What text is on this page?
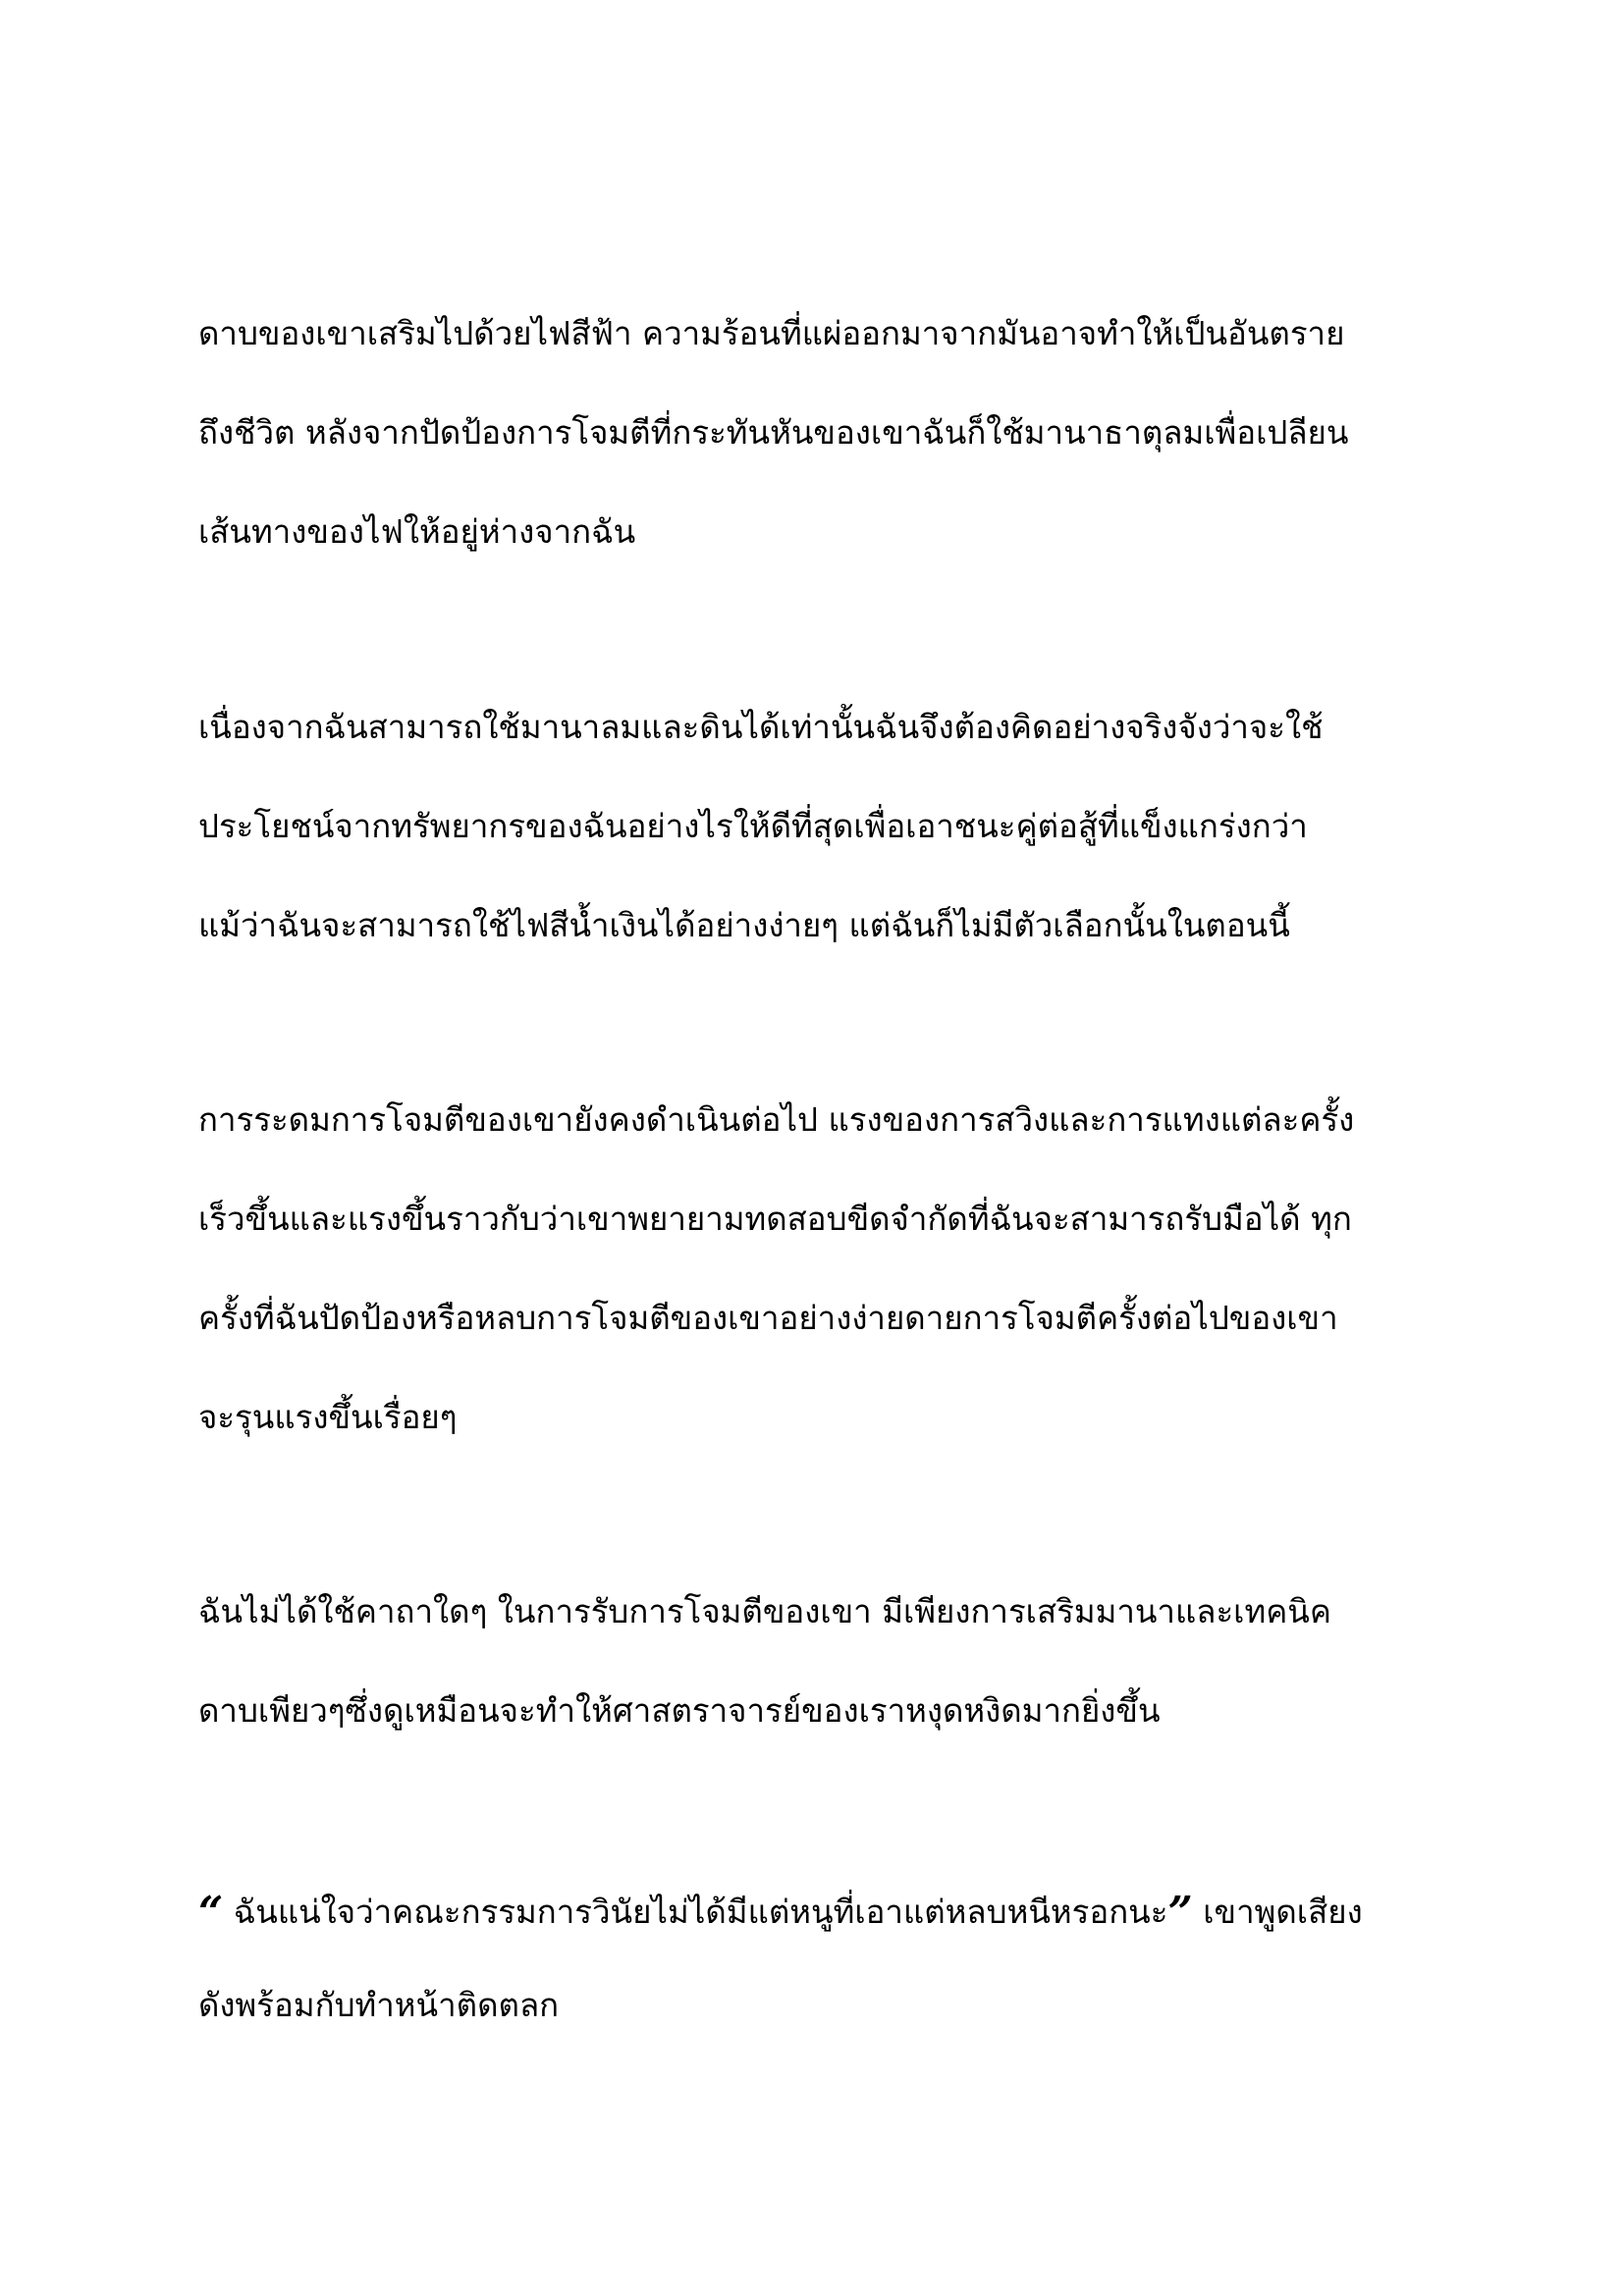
ดาบของเขาเสริมไปด้วยไฟสีฟ้า ความร้อนที่แผ่ออกมาจากมันอาจทำให้เป็นอันตราย
ถึงชีวิต หลังจากปัดป้องการโจมตีที่กระทันหันของเขาฉันก็ใช้มานาธาตุลมเพื่อเปลียน
เส้นทางของไฟให้อยู่ห่างจากฉัน
เนื่องจากฉันสามารถใช้มานาลมและดินได้เท่านั้นฉันจึงต้องคิดอย่างจริงจังว่าจะใช้
ประโยชน์จากทรัพยากรของฉันอย่างไรให้ดีที่สุดเพื่อเอาชนะคู่ต่อสู้ที่แข็งแกร่งกว่า
แม้ว่าฉันจะสามารถใช้ไฟสีน้ำเงินได้อย่างง่ายๆ แต่ฉันก็ไม่มีตัวเลือกนั้นในตอนนี้
การระดมการโจมตีของเขายังคงดำเนินต่อไป แรงของการสวิงและการแทงแต่ละครั้ง
เร็วขึ้นและแรงขึ้นราวกับว่าเขาพยายามทดสอบขีดจำกัดที่ฉันจะสามารถรับมือได้ ทุก
ครั้งที่ฉันปัดป้องหรือหลบการโจมตีของเขาอย่างง่ายดายการโจมตีครั้งต่อไปของเขา
จะรุนแรงขึ้นเรื่อยๆ
ฉันไม่ได้ใช้คาถาใดๆ ในการรับการโจมตีของเขา มีเพียงการเสริมมานาและเทคนิค
ดาบเพียวๆซึ่งดูเหมือนจะทำให้ศาสตราจารย์ของเราหงุดหงิดมากยิ่งขึ้น
“ ฉันแน่ใจว่าคณะกรรมการวินัยไม่ได้มีแต่หนูที่เอาแต่หลบหนีหรอกนะ” เขาพูดเสียง
ดังพร้อมกับทำหน้าติดตลก
